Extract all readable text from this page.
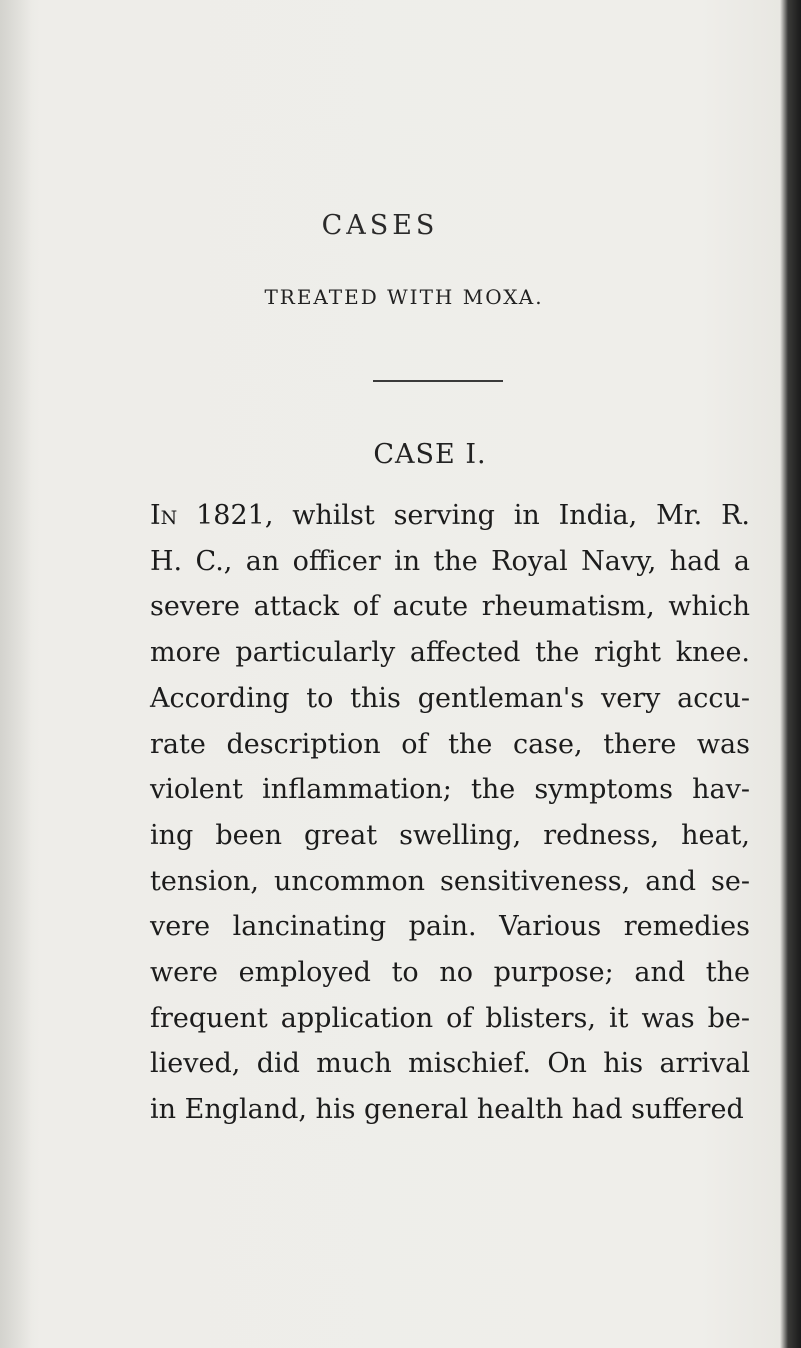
CASES
TREATED WITH MOXA.
CASE I.
In 1821, whilst serving in India, Mr. R.
H. C., an officer in the Royal Navy, had a
severe attack of acute rheumatism, which
more particularly affected the right knee.
According to this gentleman's very accu-
rate description of the case, there was
violent inflammation; the symptoms hav-
ing been great swelling, redness, heat,
tension, uncommon sensitiveness, and se-
vere lancinating pain. Various remedies
were employed to no purpose; and the
frequent application of blisters, it was be-
lieved, did much mischief. On his arrival
in England, his general health had suffered
